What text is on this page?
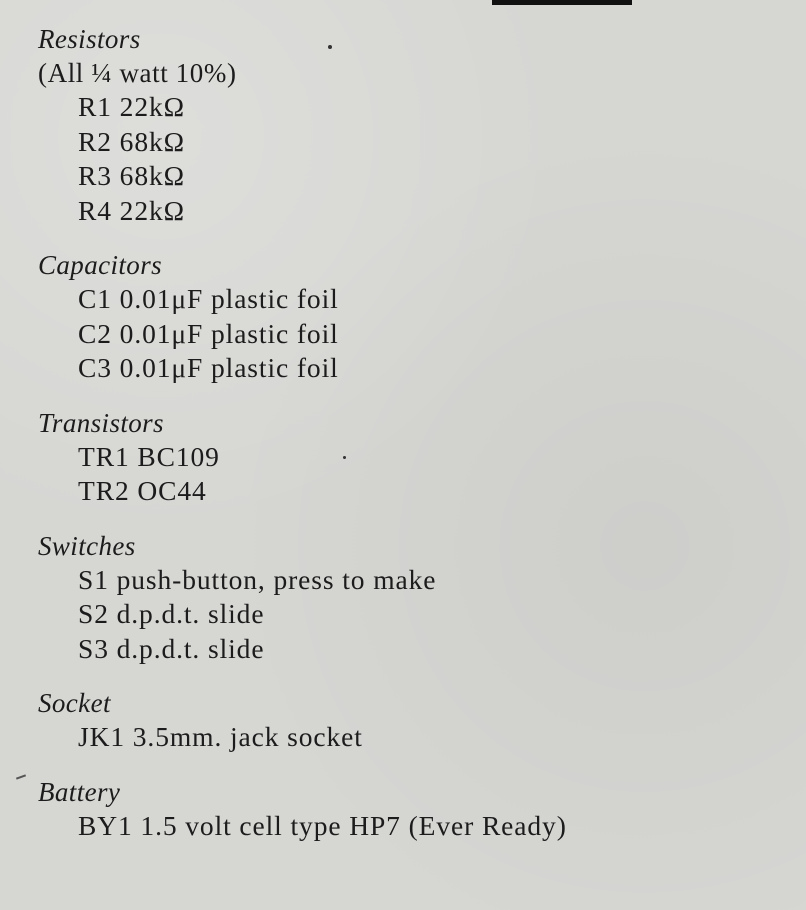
Resistors
(All ¼ watt 10%)
R1 22kΩ
R2 68kΩ
R3 68kΩ
R4 22kΩ
Capacitors
C1 0.01μF plastic foil
C2 0.01μF plastic foil
C3 0.01μF plastic foil
Transistors
TR1 BC109
TR2 OC44
Switches
S1 push-button, press to make
S2 d.p.d.t. slide
S3 d.p.d.t. slide
Socket
JK1 3.5mm. jack socket
Battery
BY1 1.5 volt cell type HP7 (Ever Ready)
